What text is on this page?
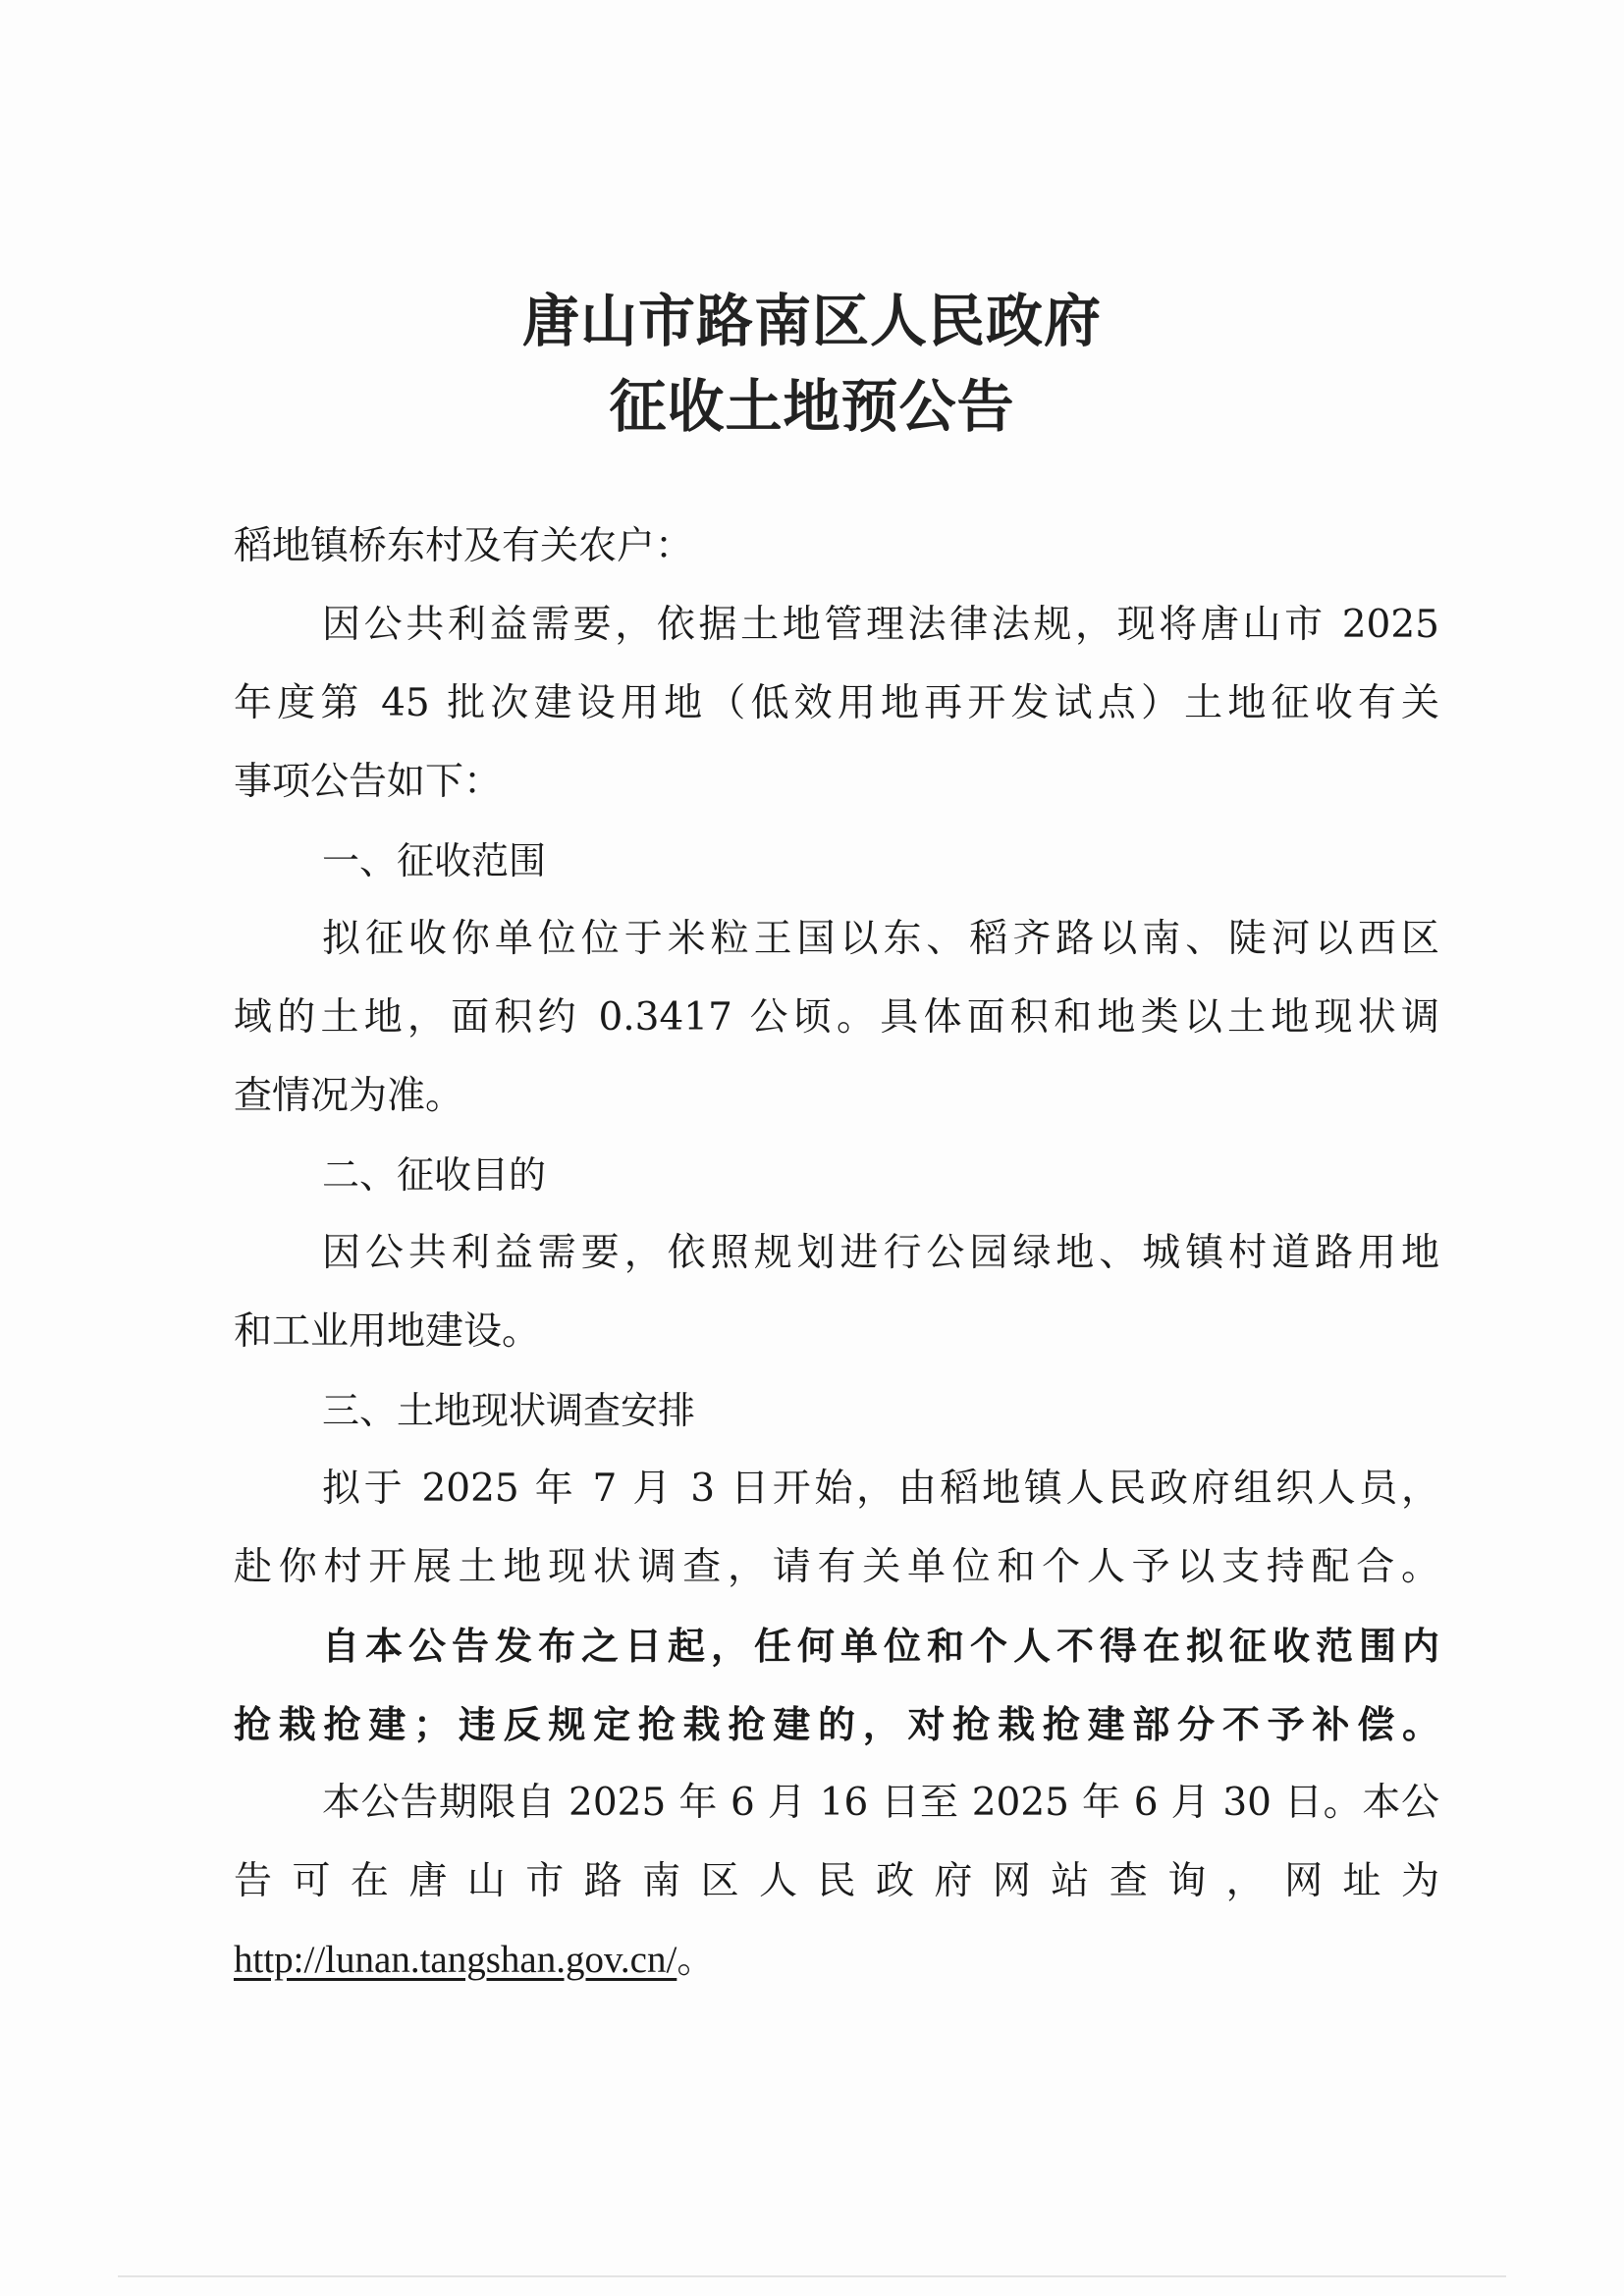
唐山市路南区人民政府
征收土地预公告
稻地镇桥东村及有关农户：
因公共利益需要，依据土地管理法律法规，现将唐山市 2025
年度第 45 批次建设用地（低效用地再开发试点）土地征收有关
事项公告如下：
一、征收范围
拟征收你单位位于米粒王国以东、稻齐路以南、陡河以西区
域的土地，面积约 0.3417 公顷。具体面积和地类以土地现状调
查情况为准。
二、征收目的
因公共利益需要，依照规划进行公园绿地、城镇村道路用地
和工业用地建设。
三、土地现状调查安排
拟于 2025 年 7 月 3 日开始，由稻地镇人民政府组织人员，
赴你村开展土地现状调查，请有关单位和个人予以支持配合。
自本公告发布之日起，任何单位和个人不得在拟征收范围内
抢栽抢建；违反规定抢栽抢建的，对抢栽抢建部分不予补偿。
本公告期限自 2025 年 6 月 16 日至 2025 年 6 月 30 日。本公
告可在唐山市路南区人民政府网站查询，网址为
http://lunan.tangshan.gov.cn/。
